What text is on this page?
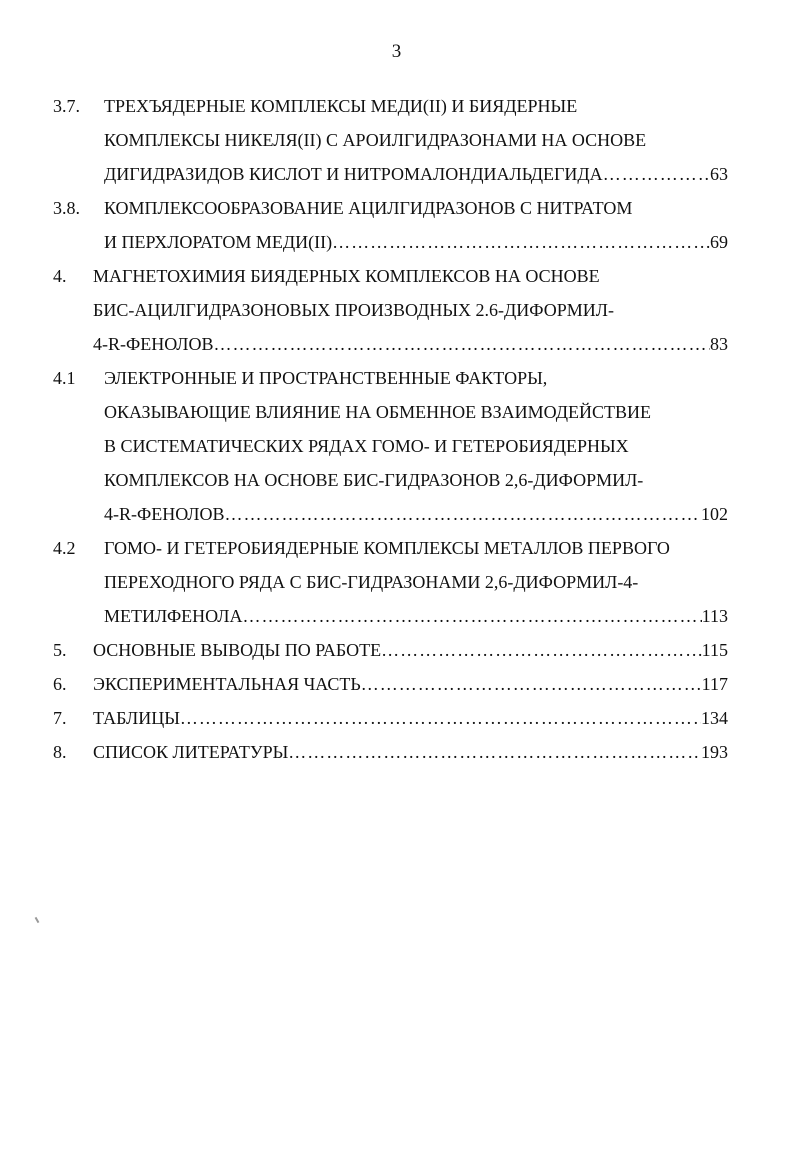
3
3.7.	ТРЕХЪЯДЕРНЫЕ КОМПЛЕКСЫ МЕДИ(II) И БИЯДЕРНЫЕ
КОМПЛЕКСЫ НИКЕЛЯ(II) С АРОИЛГИДРАЗОНАМИ НА ОСНОВЕ
ДИГИДРАЗИДОВ КИСЛОТ И НИТРОМАЛОНДИАЛЬДЕГИДА ………………………………………………………………………………………………………………………………………	63
3.8.	КОМПЛЕКСООБРАЗОВАНИЕ АЦИЛГИДРАЗОНОВ С НИТРАТОМ
И ПЕРХЛОРАТОМ МЕДИ(II) ………………………………………………………………………………………………………………………………………	69
4.	МАГНЕТОХИМИЯ БИЯДЕРНЫХ КОМПЛЕКСОВ НА ОСНОВЕ
БИС-АЦИЛГИДРАЗОНОВЫХ ПРОИЗВОДНЫХ 2.6-ДИФОРМИЛ-
4-R-ФЕНОЛОВ ………………………………………………………………………………………………………………………………………	83
4.1	ЭЛЕКТРОННЫЕ И ПРОСТРАНСТВЕННЫЕ ФАКТОРЫ,
ОКАЗЫВАЮЩИЕ ВЛИЯНИЕ НА ОБМЕННОЕ ВЗАИМОДЕЙСТВИЕ
В СИСТЕМАТИЧЕСКИХ РЯДАХ ГОМО- И ГЕТЕРОБИЯДЕРНЫХ
КОМПЛЕКСОВ НА ОСНОВЕ БИС-ГИДРАЗОНОВ 2,6-ДИФОРМИЛ-
4-R-ФЕНОЛОВ ………………………………………………………………………………………………………………………………………	102
4.2	ГОМО- И ГЕТЕРОБИЯДЕРНЫЕ КОМПЛЕКСЫ МЕТАЛЛОВ ПЕРВОГО
ПЕРЕХОДНОГО РЯДА С БИС-ГИДРАЗОНАМИ 2,6-ДИФОРМИЛ-4-
МЕТИЛФЕНОЛА ………………………………………………………………………………………………………………………………………	113
5. ОСНОВНЫЕ ВЫВОДЫ ПО РАБОТЕ ………………………………………………………………………………………………………………………………………	115
6. ЭКСПЕРИМЕНТАЛЬНАЯ ЧАСТЬ ………………………………………………………………………………………………………………………………………	117
7. ТАБЛИЦЫ ………………………………………………………………………………………………………………………………………	134
8. СПИСОК ЛИТЕРАТУРЫ ………………………………………………………………………………………………………………………………………	193
